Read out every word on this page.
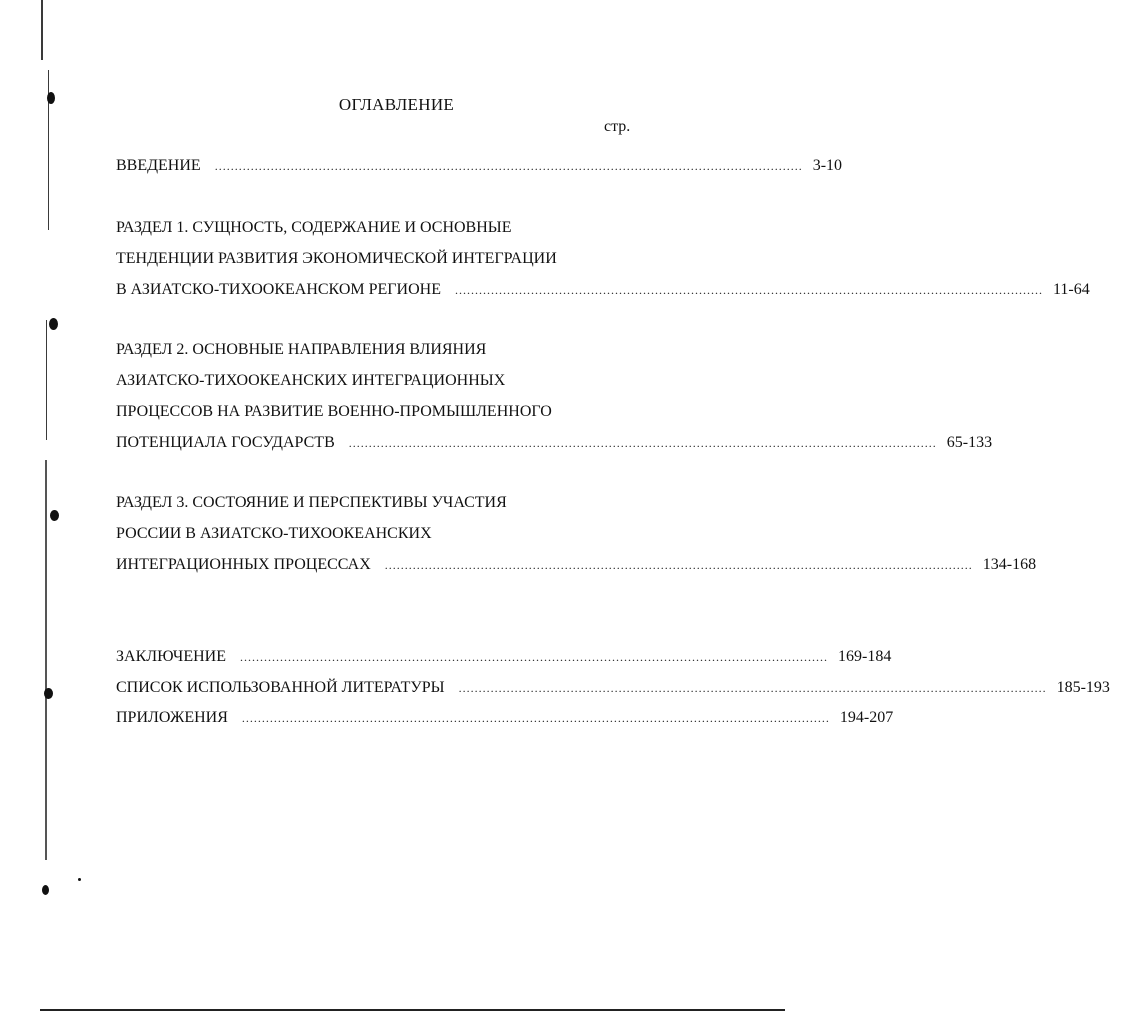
ОГЛАВЛЕНИЕ
стр.
ВВЕДЕНИЕ ................................................................................................................................................... 3-10
РАЗДЕЛ 1. СУЩНОСТЬ, СОДЕРЖАНИЕ И ОСНОВНЫЕ
ТЕНДЕНЦИИ РАЗВИТИЯ ЭКОНОМИЧЕСКОЙ ИНТЕГРАЦИИ
В АЗИАТСКО-ТИХООКЕАНСКОМ РЕГИОНЕ ................................................................................................................................................... 11-64
РАЗДЕЛ 2. ОСНОВНЫЕ НАПРАВЛЕНИЯ ВЛИЯНИЯ
АЗИАТСКО-ТИХООКЕАНСКИХ ИНТЕГРАЦИОННЫХ
ПРОЦЕССОВ НА РАЗВИТИЕ ВОЕННО-ПРОМЫШЛЕННОГО
ПОТЕНЦИАЛА ГОСУДАРСТВ ................................................................................................................................................... 65-133
РАЗДЕЛ 3. СОСТОЯНИЕ И ПЕРСПЕКТИВЫ УЧАСТИЯ
РОССИИ В АЗИАТСКО-ТИХООКЕАНСКИХ
ИНТЕГРАЦИОННЫХ ПРОЦЕССАХ ................................................................................................................................................... 134-168
ЗАКЛЮЧЕНИЕ ................................................................................................................................................... 169-184
СПИСОК ИСПОЛЬЗОВАННОЙ ЛИТЕРАТУРЫ ................................................................................................................................................... 185-193
ПРИЛОЖЕНИЯ ................................................................................................................................................... 194-207
